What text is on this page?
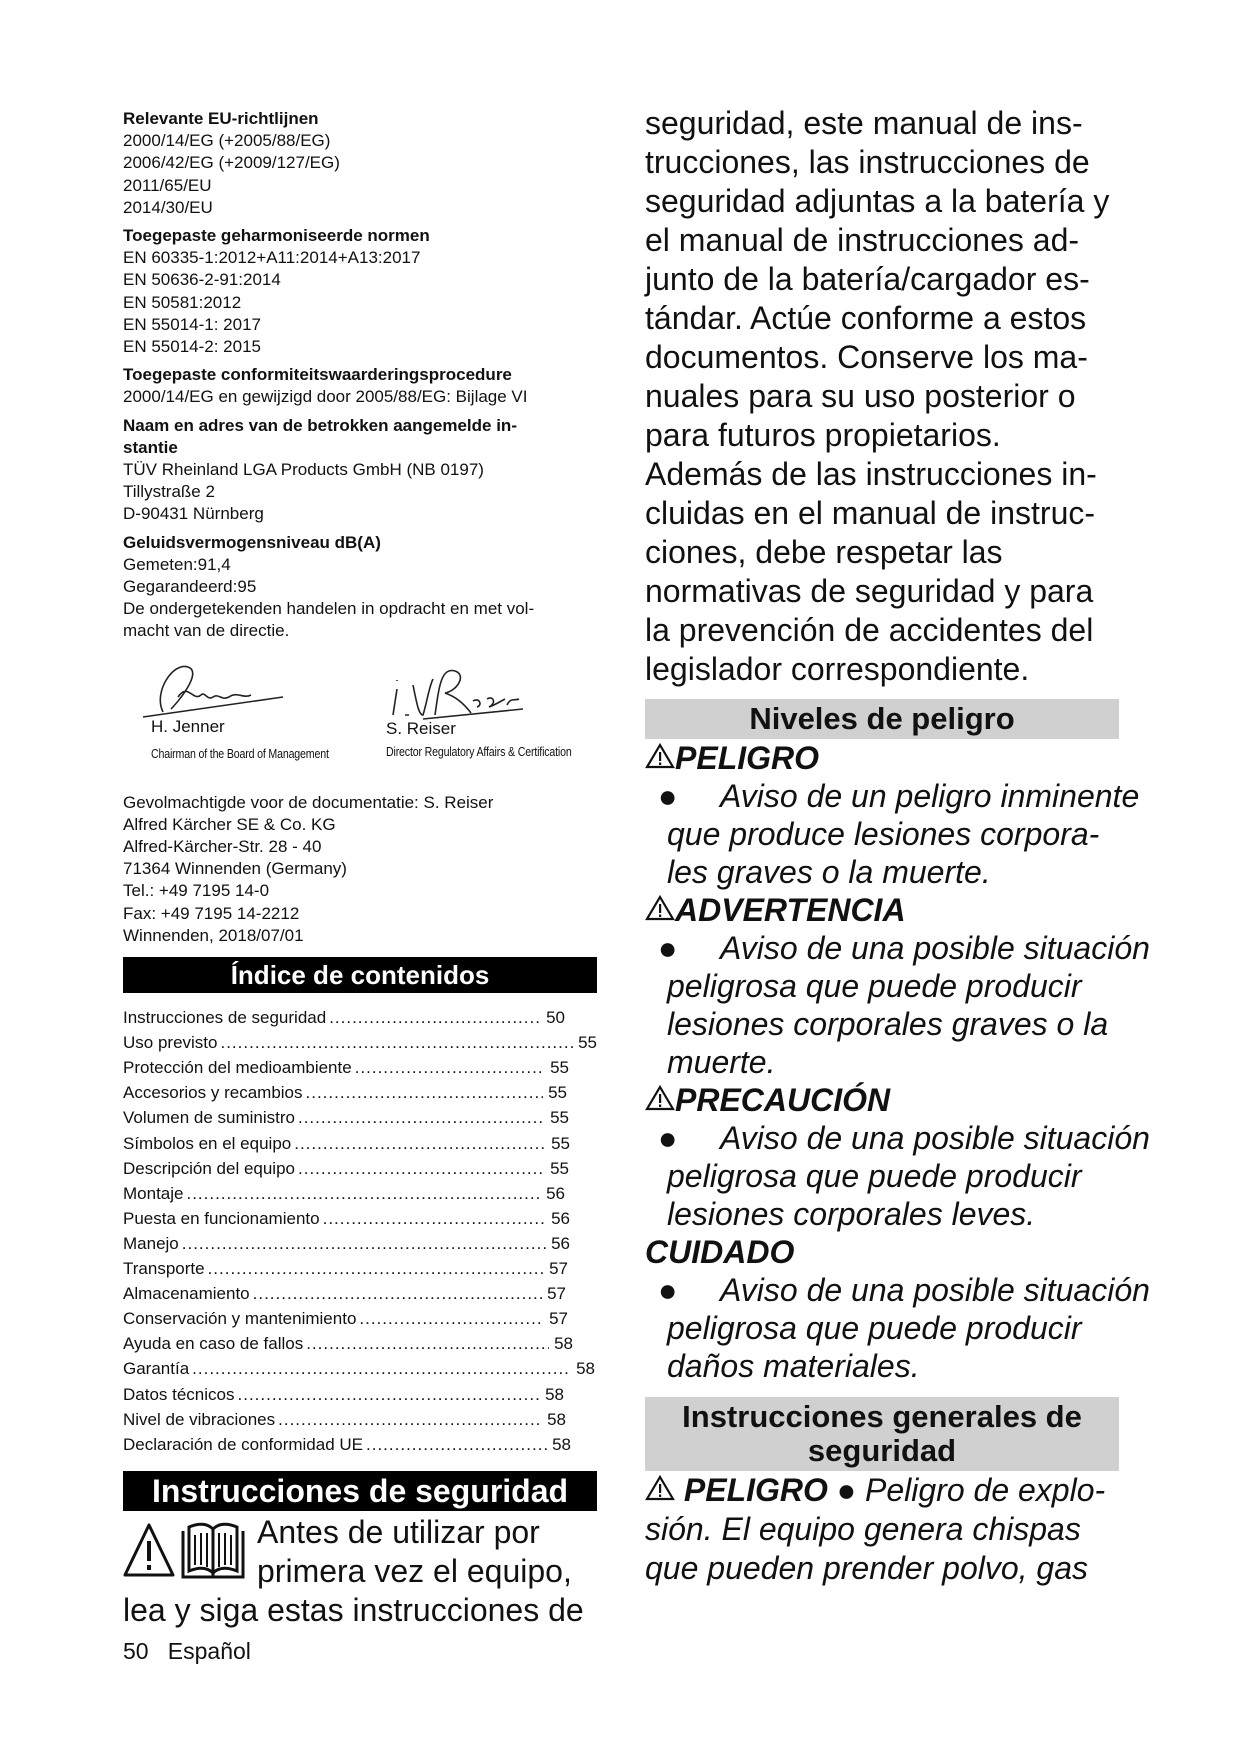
Relevante EU-richtlijnen
2000/14/EG (+2005/88/EG)
2006/42/EG (+2009/127/EG)
2011/65/EU
2014/30/EU
Toegepaste geharmoniseerde normen
EN 60335-1:2012+A11:2014+A13:2017
EN 50636-2-91:2014
EN 50581:2012
EN 55014-1: 2017
EN 55014-2: 2015
Toegepaste conformiteitswaarderingsprocedure
2000/14/EG en gewijzigd door 2005/88/EG: Bijlage VI
Naam en adres van de betrokken aangemelde in-
stantie
TÜV Rheinland LGA Products GmbH (NB 0197)
Tillystraße 2
D-90431 Nürnberg
Geluidsvermogensniveau dB(A)
Gemeten:91,4
Gegarandeerd:95
De ondergetekenden handelen in opdracht en met vol-
macht van de directie.
H. Jenner
Chairman of the Board of Management
S. Reiser
Director Regulatory Affairs & Certification
Gevolmachtigde voor de documentatie: S. Reiser
Alfred Kärcher SE & Co. KG
Alfred-Kärcher-Str. 28 - 40
71364 Winnenden (Germany)
Tel.: +49 7195 14-0
Fax: +49 7195 14-2212
Winnenden, 2018/07/01
Índice de contenidos
Instrucciones de seguridad .....	50
Uso previsto .....	55
Protección del medioambiente .....	55
Accesorios y recambios .....	55
Volumen de suministro .....	55
Símbolos en el equipo .....	55
Descripción del equipo .....	55
Montaje .....	56
Puesta en funcionamiento .....	56
Manejo .....	56
Transporte .....	57
Almacenamiento .....	57
Conservación y mantenimiento .....	57
Ayuda en caso de fallos .....	58
Garantía .....	58
Datos técnicos .....	58
Nivel de vibraciones .....	58
Declaración de conformidad UE .....	58
Instrucciones de seguridad
Antes de utilizar por
primera vez el equipo,
lea y siga estas instrucciones de
50 Español
seguridad, este manual de ins-
trucciones, las instrucciones de
seguridad adjuntas a la batería y
el manual de instrucciones ad-
junto de la batería/cargador es-
tándar. Actúe conforme a estos
documentos. Conserve los ma-
nuales para su uso posterior o
para futuros propietarios.
Además de las instrucciones in-
cluidas en el manual de instruc-
ciones, debe respetar las
normativas de seguridad y para
la prevención de accidentes del
legislador correspondiente.
Niveles de peligro
PELIGRO
●	Aviso de un peligro inminente
que produce lesiones corpora-
les graves o la muerte.
ADVERTENCIA
●	Aviso de una posible situación
peligrosa que puede producir
lesiones corporales graves o la
muerte.
PRECAUCIÓN
●	Aviso de una posible situación
peligrosa que puede producir
lesiones corporales leves.
CUIDADO
●	Aviso de una posible situación
peligrosa que puede producir
daños materiales.
Instrucciones generales de
seguridad
PELIGRO ● Peligro de explo-
sión. El equipo genera chispas
que pueden prender polvo, gas
